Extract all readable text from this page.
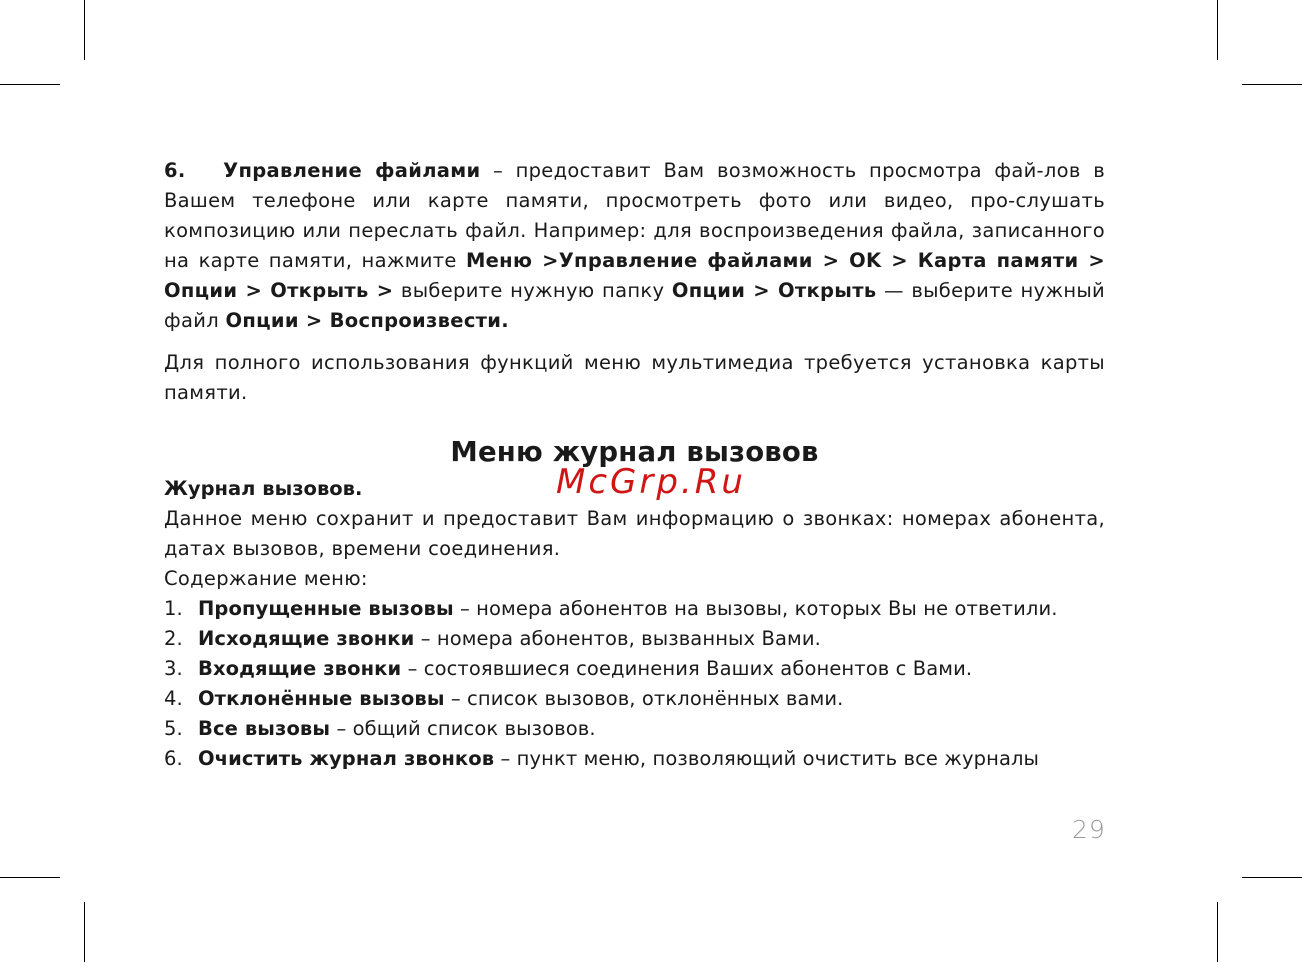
6. Управление файлами – предоставит Вам возможность просмотра фай-лов в Вашем телефоне или карте памяти, просмотреть фото или видео, про-слушать композицию или переслать файл. Например: для воспроизведения файла, записанного на карте памяти, нажмите Меню >Управление файлами > OK > Карта памяти > Опции > Открыть > выберите нужную папку Опции > Открыть — выберите нужный файл Опции > Воспроизвести.
Для полного использования функций меню мультимедиа требуется установка карты памяти.
Меню журнал вызовов
Журнал вызовов.
Данное меню сохранит и предоставит Вам информацию о звонках: номерах абонента, датах вызовов, времени соединения.
Содержание меню:
1. Пропущенные вызовы – номера абонентов на вызовы, которых Вы не ответили.
2. Исходящие звонки – номера абонентов, вызванных Вами.
3. Входящие звонки – состоявшиеся соединения Ваших абонентов с Вами.
4. Отклонённые вызовы – список вызовов, отклонённых вами.
5. Все вызовы – общий список вызовов.
6. Очистить журнал звонков – пункт меню, позволяющий очистить все журналы
McGrp.Ru
29
